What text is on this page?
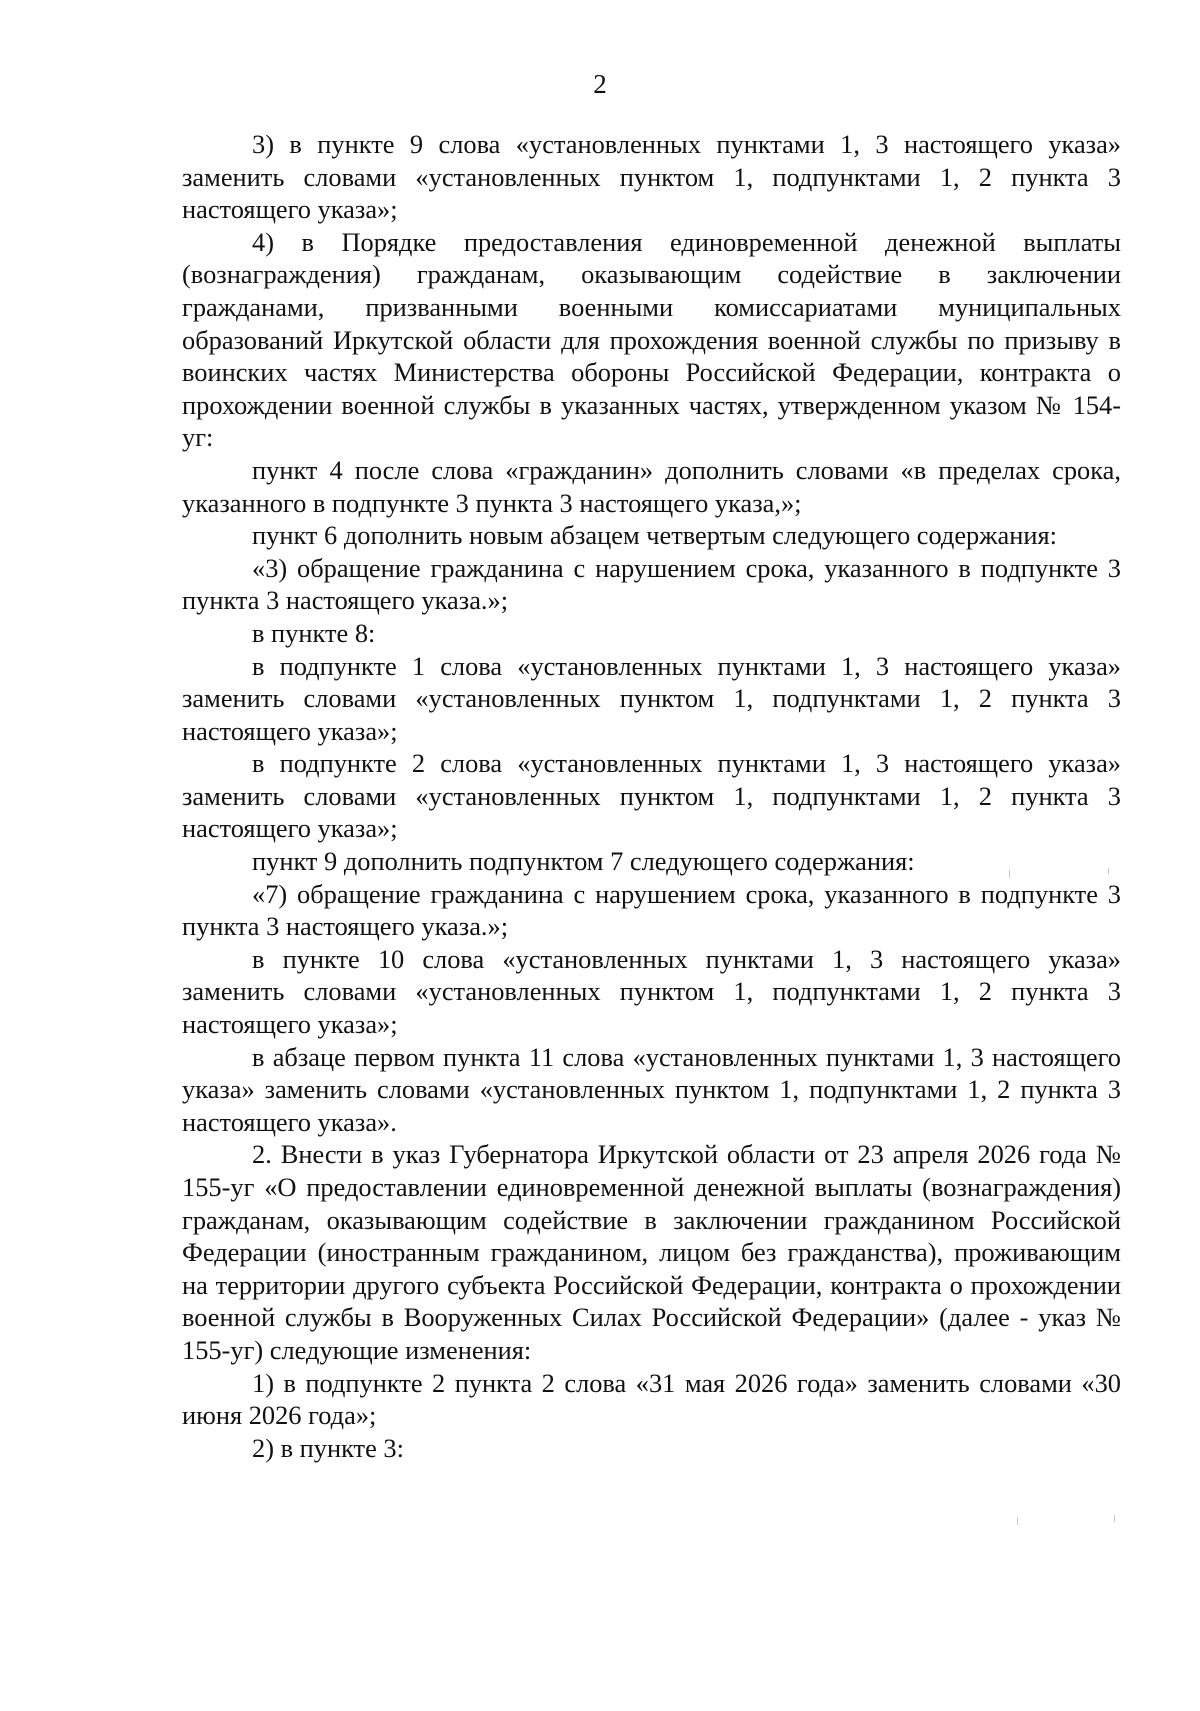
2

3) в пункте 9 слова «установленных пунктами 1, 3 настоящего указа» заменить словами «установленных пунктом 1, подпунктами 1, 2 пункта 3 настоящего указа»;

4) в Порядке предоставления единовременной денежной выплаты (вознаграждения) гражданам, оказывающим содействие в заключении гражданами, призванными военными комиссариатами муниципальных образований Иркутской области для прохождения военной службы по призыву в воинских частях Министерства обороны Российской Федерации, контракта о прохождении военной службы в указанных частях, утвержденном указом № 154-уг:

пункт 4 после слова «гражданин» дополнить словами «в пределах срока, указанного в подпункте 3 пункта 3 настоящего указа,»;

пункт 6 дополнить новым абзацем четвертым следующего содержания:

«3) обращение гражданина с нарушением срока, указанного в подпункте 3 пункта 3 настоящего указа.»;

в пункте 8:

в подпункте 1 слова «установленных пунктами 1, 3 настоящего указа» заменить словами «установленных пунктом 1, подпунктами 1, 2 пункта 3 настоящего указа»;

в подпункте 2 слова «установленных пунктами 1, 3 настоящего указа» заменить словами «установленных пунктом 1, подпунктами 1, 2 пункта 3 настоящего указа»;

пункт 9 дополнить подпунктом 7 следующего содержания:

«7) обращение гражданина с нарушением срока, указанного в подпункте 3 пункта 3 настоящего указа.»;

в пункте 10 слова «установленных пунктами 1, 3 настоящего указа» заменить словами «установленных пунктом 1, подпунктами 1, 2 пункта 3 настоящего указа»;

в абзаце первом пункта 11 слова «установленных пунктами 1, 3 настоящего указа» заменить словами «установленных пунктом 1, подпунктами 1, 2 пункта 3 настоящего указа».

2. Внести в указ Губернатора Иркутской области от 23 апреля 2026 года № 155-уг «О предоставлении единовременной денежной выплаты (вознаграждения) гражданам, оказывающим содействие в заключении гражданином Российской Федерации (иностранным гражданином, лицом без гражданства), проживающим на территории другого субъекта Российской Федерации, контракта о прохождении военной службы в Вооруженных Силах Российской Федерации» (далее - указ № 155-уг) следующие изменения:

1) в подпункте 2 пункта 2 слова «31 мая 2026 года» заменить словами «30 июня 2026 года»;

2) в пункте 3:
